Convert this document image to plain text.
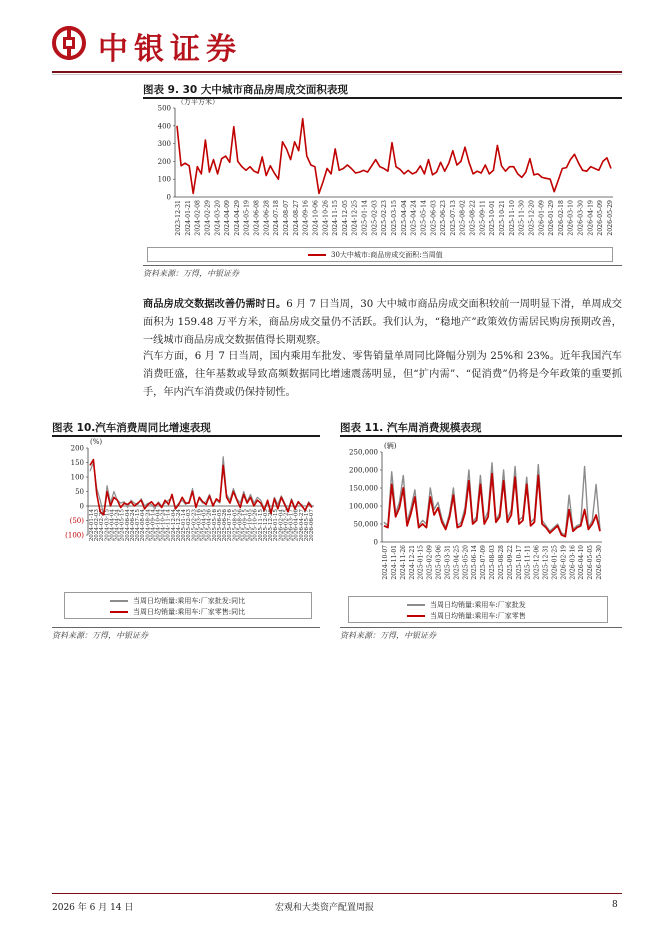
中银证券
图表 9. 30 大中城市商品房周成交面积表现
0
100
200
300
400
500
（万平方米）
2023-12-31 2024-01-21 2024-02-08 2024-02-29 2024-03-20 2024-04-09 2024-04-29 2024-05-19 2024-06-08 2024-06-28 2024-07-18 2024-08-07 2024-08-27 2024-09-16 2024-10-06 2024-10-26 2024-11-15 2024-12-05 2024-12-25 2025-01-14 2025-02-03 2025-02-23 2025-03-15 2025-04-04 2025-04-24 2025-05-14 2025-06-03 2025-06-23 2025-07-13 2025-08-02 2025-08-22 2025-09-11 2025-10-01 2025-10-21 2025-11-10 2025-11-30 2025-12-20 2026-01-09 2026-01-29 2026-02-18 2026-03-10 2026-03-30 2026-04-19 2026-05-09 2026-05-29
30大中城市:商品房成交面积:当周值
资料来源：万得，中银证券
商品房成交数据改善仍需时日。6 月 7 日当周，30 大中城市商品房成交面积较前一周明显下滑，单周成交面积为 159.48 万平方米，商品房成交量仍不活跃。我们认为，“稳地产”政策效仿需居民购房预期改善，一线城市商品房成交数据值得长期观察。
汽车方面，6 月 7 日当周，国内乘用车批发、零售销量单周同比降幅分别为 25%和 23%。近年我国汽车消费旺盛，往年基数或导致高频数据同比增速震荡明显，但“扩内需”、“促消费”仍将是今年政策的重要抓手，年内汽车消费或仍保持韧性。
图表 10.汽车消费周同比增速表现
(100)
(50)
0
50
100
150
200
(%)
2024-01-14 2024-02-03 2024-02-23 2024-03-15 2024-04-04 2024-04-24 2024-05-15 2024-06-04 2024-06-24 2024-07-15 2024-08-04 2024-08-24 2024-09-14 2024-10-04 2024-10-24 2024-11-14 2024-12-04 2024-12-24 2025-01-14 2025-02-03 2025-02-23 2025-03-16 2025-04-05 2025-04-26 2025-05-16 2025-06-05 2025-06-26 2025-07-16 2025-08-05 2025-08-26 2025-09-15 2025-10-05 2025-10-26 2025-11-15 2025-12-05 2025-12-26 2026-01-15 2026-02-04 2026-02-25 2026-03-17 2026-04-06 2026-04-27 2026-05-17 2026-06-07
当周日均销量:乘用车:厂家批发:同比
当周日均销量:乘用车:厂家零售:同比
资料来源：万得，中银证券
图表 11. 汽车周消费规模表现
0
50,000
100,000
150,000
200,000
250,000
(辆)
2024-10-07 2024-11-01 2024-11-26 2024-12-21 2025-01-15 2025-02-09 2025-03-06 2025-03-31 2025-04-25 2025-05-20 2025-06-14 2025-07-09 2025-08-03 2025-08-28 2025-09-22 2025-10-17 2025-11-11 2025-12-06 2025-12-31 2026-01-25 2026-02-19 2026-03-16 2026-04-10 2026-05-05 2026-05-30
当周日均销量:乘用车:厂家批发
当周日均销量:乘用车:厂家零售
资料来源：万得，中银证券
2026 年 6 月 14 日	宏观和大类资产配置周报	8
